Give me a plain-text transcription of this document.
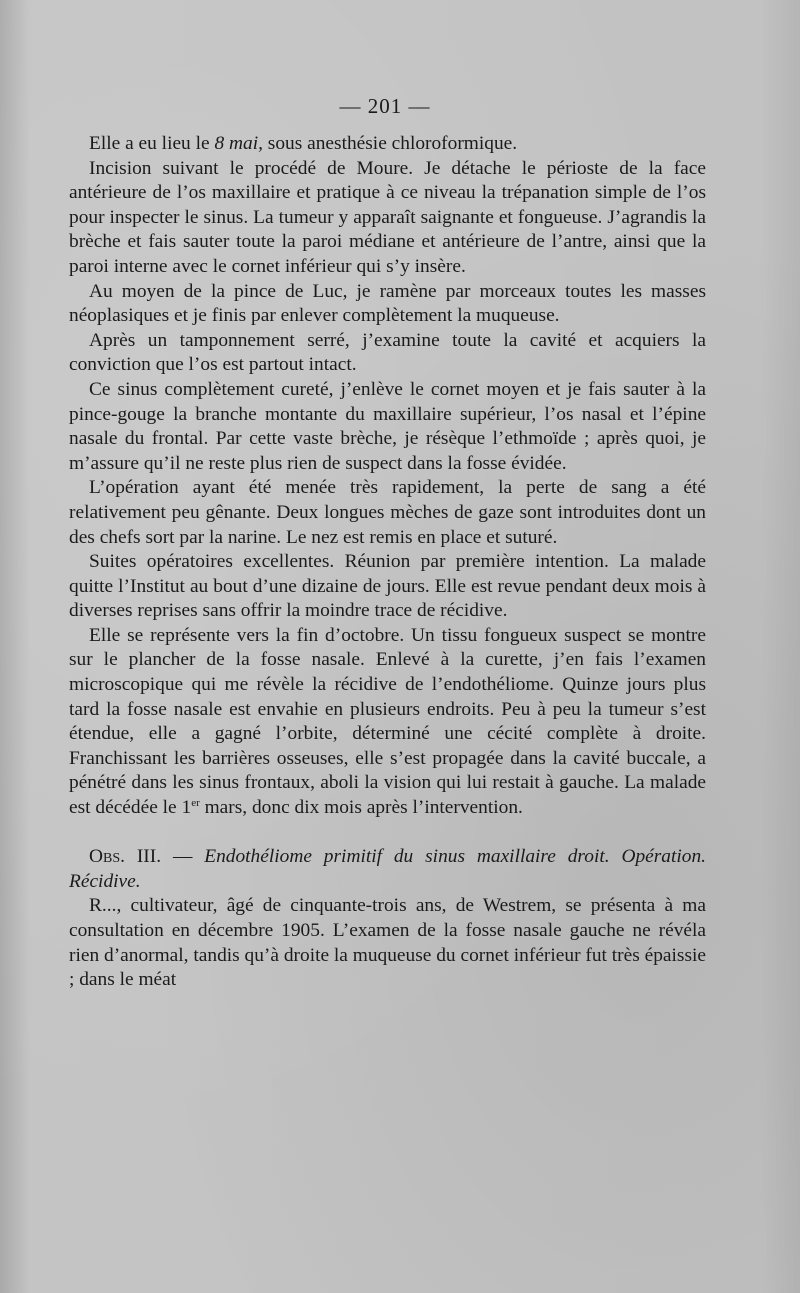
— 201 —

Elle a eu lieu le 8 mai, sous anesthésie chloroformique.

Incision suivant le procédé de Moure. Je détache le périoste de la face antérieure de l’os maxillaire et pratique à ce niveau la trépanation simple de l’os pour inspecter le sinus. La tumeur y apparaît saignante et fongueuse. J’agrandis la brèche et fais sauter toute la paroi médiane et antérieure de l’antre, ainsi que la paroi interne avec le cornet inférieur qui s’y insère.

Au moyen de la pince de Luc, je ramène par morceaux toutes les masses néoplasiques et je finis par enlever complètement la muqueuse.

Après un tamponnement serré, j’examine toute la cavité et acquiers la conviction que l’os est partout intact.

Ce sinus complètement cureté, j’enlève le cornet moyen et je fais sauter à la pince-gouge la branche montante du maxillaire supérieur, l’os nasal et l’épine nasale du frontal. Par cette vaste brèche, je résèque l’ethmoïde ; après quoi, je m’assure qu’il ne reste plus rien de suspect dans la fosse évidée.

L’opération ayant été menée très rapidement, la perte de sang a été relativement peu gênante. Deux longues mèches de gaze sont introduites dont un des chefs sort par la narine. Le nez est remis en place et suturé.

Suites opératoires excellentes. Réunion par première intention. La malade quitte l’Institut au bout d’une dizaine de jours. Elle est revue pendant deux mois à diverses reprises sans offrir la moindre trace de récidive.

Elle se représente vers la fin d’octobre. Un tissu fongueux suspect se montre sur le plancher de la fosse nasale. Enlevé à la curette, j’en fais l’examen microscopique qui me révèle la récidive de l’endothéliome. Quinze jours plus tard la fosse nasale est envahie en plusieurs endroits. Peu à peu la tumeur s’est étendue, elle a gagné l’orbite, déterminé une cécité complète à droite. Franchissant les barrières osseuses, elle s’est propagée dans la cavité buccale, a pénétré dans les sinus frontaux, aboli la vision qui lui restait à gauche. La malade est décédée le 1er mars, donc dix mois après l’intervention.

Obs. III. — Endothéliome primitif du sinus maxillaire droit. Opération. Récidive.

R..., cultivateur, âgé de cinquante-trois ans, de Westrem, se présenta à ma consultation en décembre 1905. L’examen de la fosse nasale gauche ne révéla rien d’anormal, tandis qu’à droite la muqueuse du cornet inférieur fut très épaissie ; dans le méat
